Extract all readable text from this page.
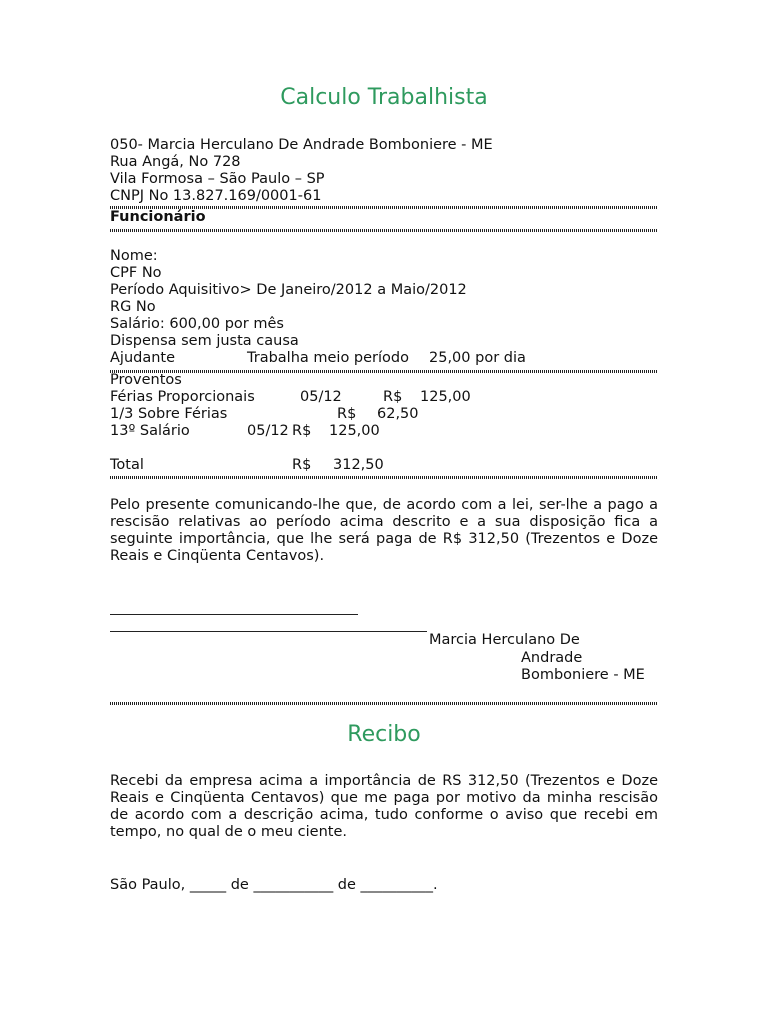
Calculo Trabalhista
050- Marcia Herculano De Andrade Bomboniere - ME
Rua Angá, No 728
Vila Formosa – São Paulo – SP
CNPJ No 13.827.169/0001-61
Funcionário
Nome:
CPF No
Período Aquisitivo> De Janeiro/2012 a Maio/2012
RG No
Salário: 600,00 por mês
Dispensa sem justa causa
Ajudante	Trabalha meio período 25,00 por dia
Proventos
Férias Proporcionais	05/12	R$ 125,00
1/3 Sobre Férias	R$ 62,50
13º Salário	05/12 R$ 125,00
Total	R$ 312,50
Pelo presente comunicando-lhe que, de acordo com a lei, ser-lhe a pago a rescisão relativas ao período acima descrito e a sua disposição fica a seguinte importância, que lhe será paga de R$ 312,50 (Trezentos e Doze Reais e Cinqüenta Centavos).
Marcia Herculano De
Andrade
Bomboniere - ME
Recibo
Recebi da empresa acima a importância de RS 312,50 (Trezentos e Doze Reais e Cinqüenta Centavos) que me paga por motivo da minha rescisão de acordo com a descrição acima, tudo conforme o aviso que recebi em tempo, no qual de o meu ciente.
São Paulo, _____ de ___________ de __________.
